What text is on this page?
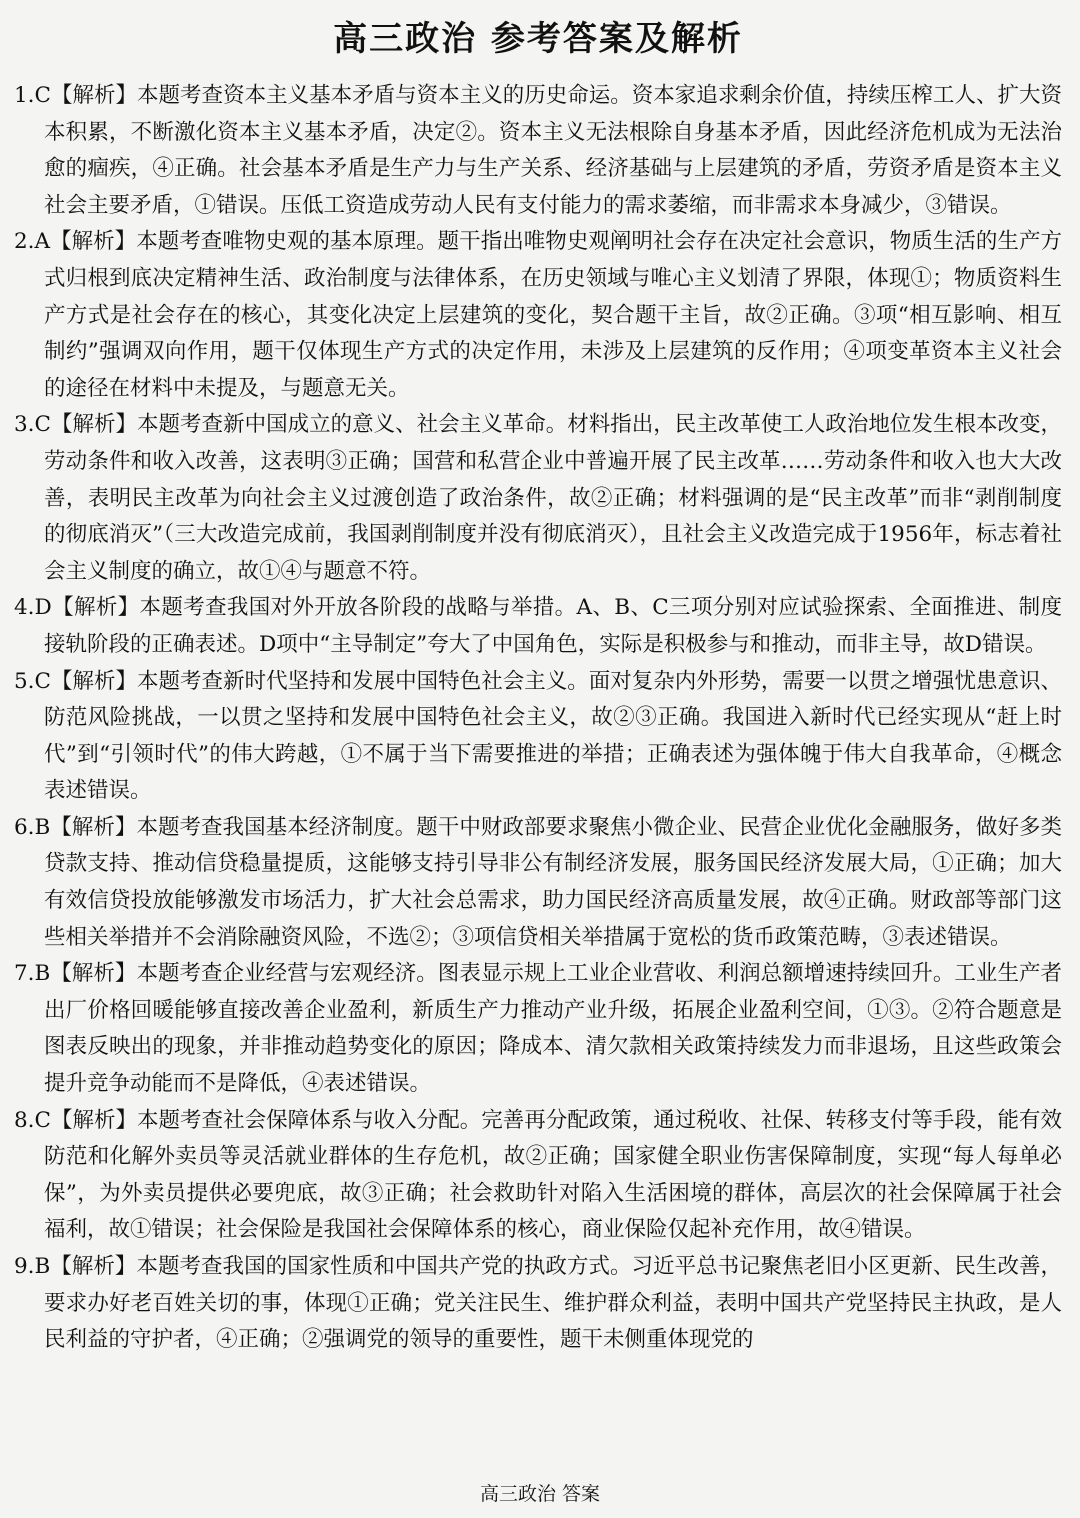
高三政治 参考答案及解析

1.C【解析】本题考查资本主义基本矛盾与资本主义的历史命运。资本家追求剩余价值，持续压榨工人、扩大资本积累，不断激化资本主义基本矛盾，决定②。资本主义无法根除自身基本矛盾，因此经济危机成为无法治愈的痼疾，④正确。社会基本矛盾是生产力与生产关系、经济基础与上层建筑的矛盾，劳资矛盾是资本主义社会主要矛盾，①错误。压低工资造成劳动人民有支付能力的需求萎缩，而非需求本身减少，③错误。

2.A【解析】本题考查唯物史观的基本原理。题干指出唯物史观阐明社会存在决定社会意识，物质生活的生产方式归根到底决定精神生活、政治制度与法律体系，在历史领域与唯心主义划清了界限，体现①；物质资料生产方式是社会存在的核心，其变化决定上层建筑的变化，契合题干主旨，故②正确。③项“相互影响、相互制约”强调双向作用，题干仅体现生产方式的决定作用，未涉及上层建筑的反作用；④项变革资本主义社会的途径在材料中未提及，与题意无关。

3.C【解析】本题考查新中国成立的意义、社会主义革命。材料指出，民主改革使工人政治地位发生根本改变，劳动条件和收入改善，这表明③正确；国营和私营企业中普遍开展了民主改革……劳动条件和收入也大大改善，表明民主改革为向社会主义过渡创造了政治条件，故②正确；材料强调的是“民主改革”而非“剥削制度的彻底消灭”（三大改造完成前，我国剥削制度并没有彻底消灭），且社会主义改造完成于1956年，标志着社会主义制度的确立，故①④与题意不符。

4.D【解析】本题考查我国对外开放各阶段的战略与举措。A、B、C三项分别对应试验探索、全面推进、制度接轨阶段的正确表述。D项中“主导制定”夸大了中国角色，实际是积极参与和推动，而非主导，故D错误。

5.C【解析】本题考查新时代坚持和发展中国特色社会主义。面对复杂内外形势，需要一以贯之增强忧患意识、防范风险挑战，一以贯之坚持和发展中国特色社会主义，故②③正确。我国进入新时代已经实现从“赶上时代”到“引领时代”的伟大跨越，①不属于当下需要推进的举措；正确表述为强体魄于伟大自我革命，④概念表述错误。

6.B【解析】本题考查我国基本经济制度。题干中财政部要求聚焦小微企业、民营企业优化金融服务，做好多类贷款支持、推动信贷稳量提质，这能够支持引导非公有制经济发展，服务国民经济发展大局，①正确；加大有效信贷投放能够激发市场活力，扩大社会总需求，助力国民经济高质量发展，故④正确。财政部等部门这些相关举措并不会消除融资风险，不选②；③项信贷相关举措属于宽松的货币政策范畴，③表述错误。

7.B【解析】本题考查企业经营与宏观经济。图表显示规上工业企业营收、利润总额增速持续回升。工业生产者出厂价格回暖能够直接改善企业盈利，新质生产力推动产业升级，拓展企业盈利空间，①③。②符合题意是图表反映出的现象，并非推动趋势变化的原因；降成本、清欠款相关政策持续发力而非退场，且这些政策会提升竞争动能而不是降低，④表述错误。

8.C【解析】本题考查社会保障体系与收入分配。完善再分配政策，通过税收、社保、转移支付等手段，能有效防范和化解外卖员等灵活就业群体的生存危机，故②正确；国家健全职业伤害保障制度，实现“每人每单必保”，为外卖员提供必要兜底，故③正确；社会救助针对陷入生活困境的群体，高层次的社会保障属于社会福利，故①错误；社会保险是我国社会保障体系的核心，商业保险仅起补充作用，故④错误。

9.B【解析】本题考查我国的国家性质和中国共产党的执政方式。习近平总书记聚焦老旧小区更新、民生改善，要求办好老百姓关切的事，体现①正确；党关注民生、维护群众利益，表明中国共产党坚持民主执政，是人民利益的守护者，④正确；②强调党的领导的重要性，题干未侧重体现党的

高三政治 答案
